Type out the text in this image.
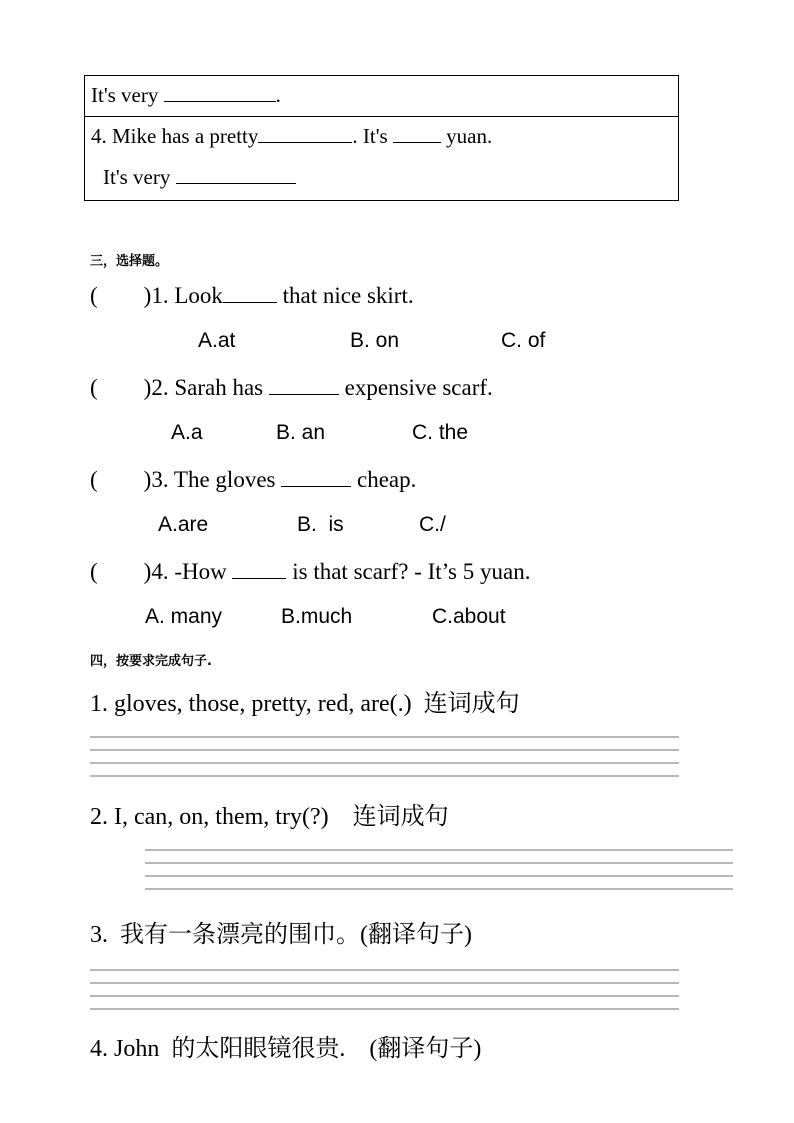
It's very	.
4. Mike has a pretty	. It's  yuan.
It's very
三，选择题。
( )1. Look that nice skirt.
A.at	B. on	C. of
( )2. Sarah has	expensive scarf.
A.a	B. an	C. the
( )3. The gloves	cheap.
A.are	B.  is	C./
( )4. -How  is that scarf? - It’s 5 yuan.
A. many	B.much	C.about
四，按要求完成句子.
1. gloves, those, pretty, red, are(.)  连词成句
2. I, can, on, them, try(?)    连词成句
3.  我有一条漂亮的围巾。(翻译句子)
4. John  的太阳眼镜很贵.    (翻译句子)
